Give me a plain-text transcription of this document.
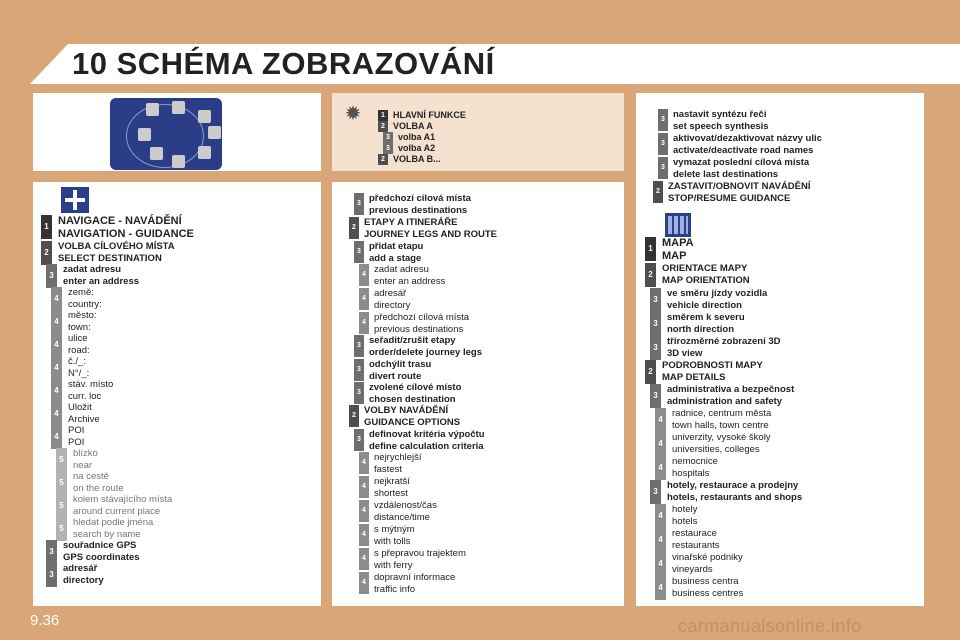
10 SCHÉMA ZOBRAZOVÁNÍ
✹	1 HLAVNÍ FUNKCE
2 VOLBA A
3 volba A1
3 volba A2
2 VOLBA B...
1 NAVIGACE - NAVÁDĚNÍ
NAVIGATION - GUIDANCE
2
VOLBA CÍLOVÉHO MÍSTA
SELECT DESTINATION
3
zadat adresu
enter an address
4
země:
country:
4
město:
town:
4
ulice
road:
4
č./_:
N°/_:
4
stáv. místo
curr. loc
4
Uložit
Archive
4
POI
POI
5
blízko
near
5
na cestě
on the route
5
kolem stávajícího místa
around current place
5
hledat podle jména
search by name
3
souřadnice GPS
GPS coordinates
3
adresář
directory
3 předchozí cílová místa
previous destinations
2 ETAPY A ITINERÁŘE
JOURNEY LEGS AND ROUTE
3 přidat etapu
add a stage
4 zadat adresu
enter an address
4 adresář
directory
4 předchozí cílová místa
previous destinations
3 seřadit/zrušit etapy
order/delete journey legs
3 odchýlit trasu
divert route
3 zvolené cílové místo
chosen destination
2 VOLBY NAVÁDĚNÍ
GUIDANCE OPTIONS
3 definovat kritéria výpočtu
define calculation criteria
4 nejrychlejší
fastest
4 nejkratší
shortest
4 vzdálenost/čas
distance/time
4 s mýtným
with tolls
4 s přepravou trajektem
with ferry
4 dopravní informace
traffic info
3 nastavit syntézu řeči
set speech synthesis
3 aktivovat/dezaktivovat názvy ulic
activate/deactivate road names
3 vymazat poslední cílová místa
delete last destinations
2 ZASTAVIT/OBNOVIT NAVÁDĚNÍ
STOP/RESUME GUIDANCE
1 MAPA
MAP
2
ORIENTACE MAPY
MAP ORIENTATION
3
ve směru jízdy vozidla
vehicle direction
3
směrem k severu
north direction
3
třírozměrné zobrazení 3D
3D view
2
PODROBNOSTI MAPY
MAP DETAILS
3
administrativa a bezpečnost
administration and safety
4
radnice, centrum města
town halls, town centre
4
univerzity, vysoké školy
universities, colleges
4
nemocnice
hospitals
3
hotely, restaurace a prodejny
hotels, restaurants and shops
4
hotely
hotels
4
restaurace
restaurants
4
vinařské podniky
vineyards
4
business centra
business centres
9.36	carmanualsonline.info
